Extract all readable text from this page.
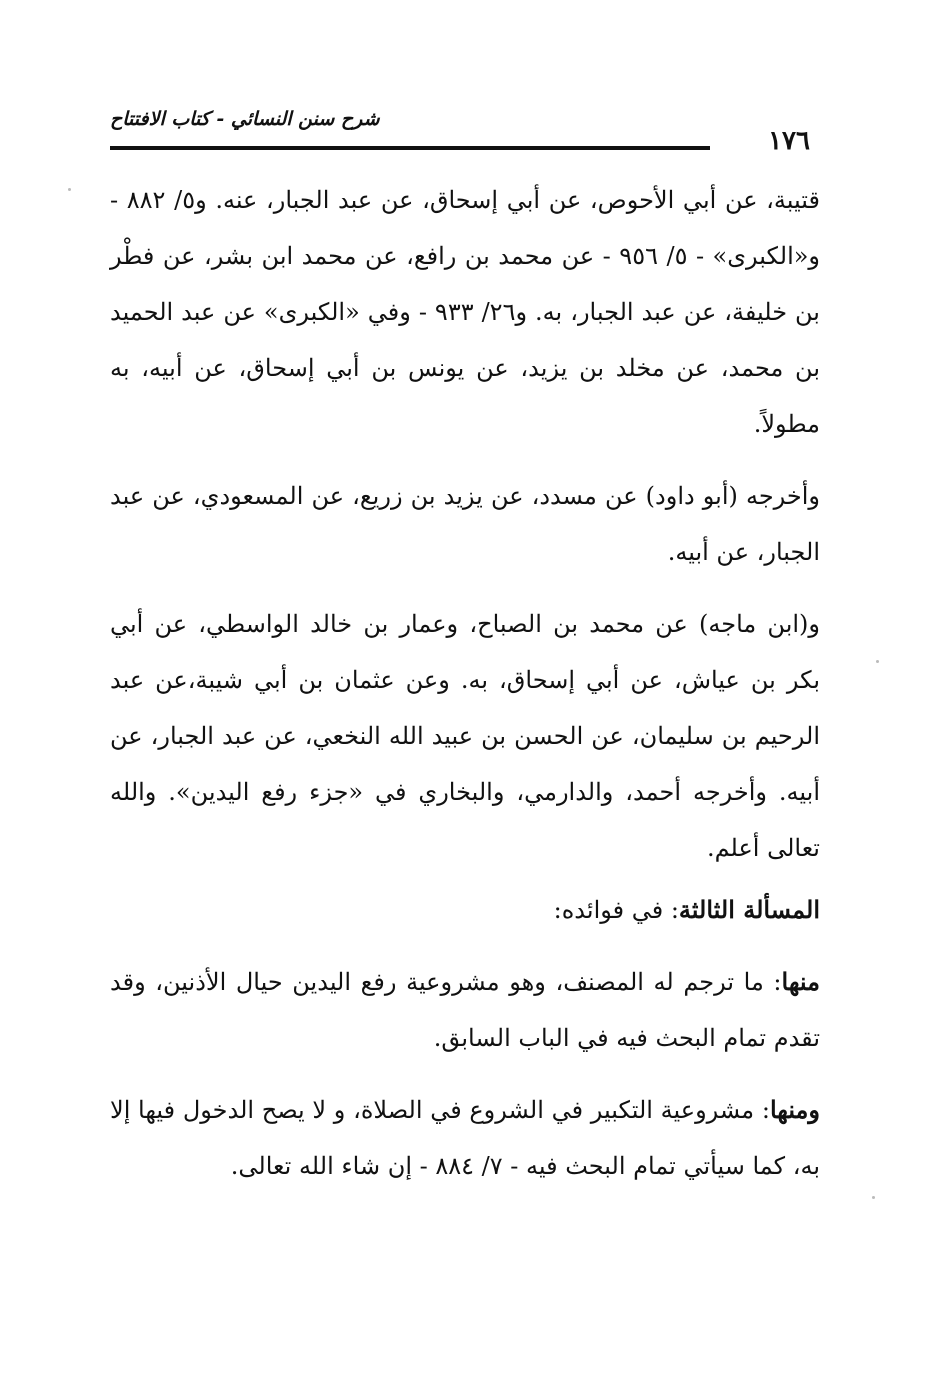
١٧٦
شرح سنن النسائي - كتاب الافتتاح

قتيبة، عن أبي الأحوص، عن أبي إسحاق، عن عبد الجبار، عنه. و٥/ ٨٨٢ - و«الكبرى» - ٥/ ٩٥٦ - عن محمد بن رافع، عن محمد ابن بشر، عن فطْر بن خليفة، عن عبد الجبار، به. و٢٦/ ٩٣٣ - وفي «الكبرى» عن عبد الحميد بن محمد، عن مخلد بن يزيد، عن يونس بن أبي إسحاق، عن أبيه، به مطولاً.

وأخرجه (أبو داود) عن مسدد، عن يزيد بن زريع، عن المسعودي، عن عبد الجبار، عن أبيه.

و(ابن ماجه) عن محمد بن الصباح، وعمار بن خالد الواسطي، عن أبي بكر بن عياش، عن أبي إسحاق، به. وعن عثمان بن أبي شيبة،عن عبد الرحيم بن سليمان، عن الحسن بن عبيد الله النخعي، عن عبد الجبار، عن أبيه. وأخرجه أحمد، والدارمي، والبخاري في «جزء رفع اليدين». والله تعالى أعلم.

المسألة الثالثة: في فوائده:

منها: ما ترجم له المصنف، وهو مشروعية رفع اليدين حيال الأذنين، وقد تقدم تمام البحث فيه في الباب السابق.

ومنها: مشروعية التكبير في الشروع في الصلاة، و لا يصح الدخول فيها إلا به، كما سيأتي تمام البحث فيه - ٧/ ٨٨٤ - إن شاء الله تعالى.
